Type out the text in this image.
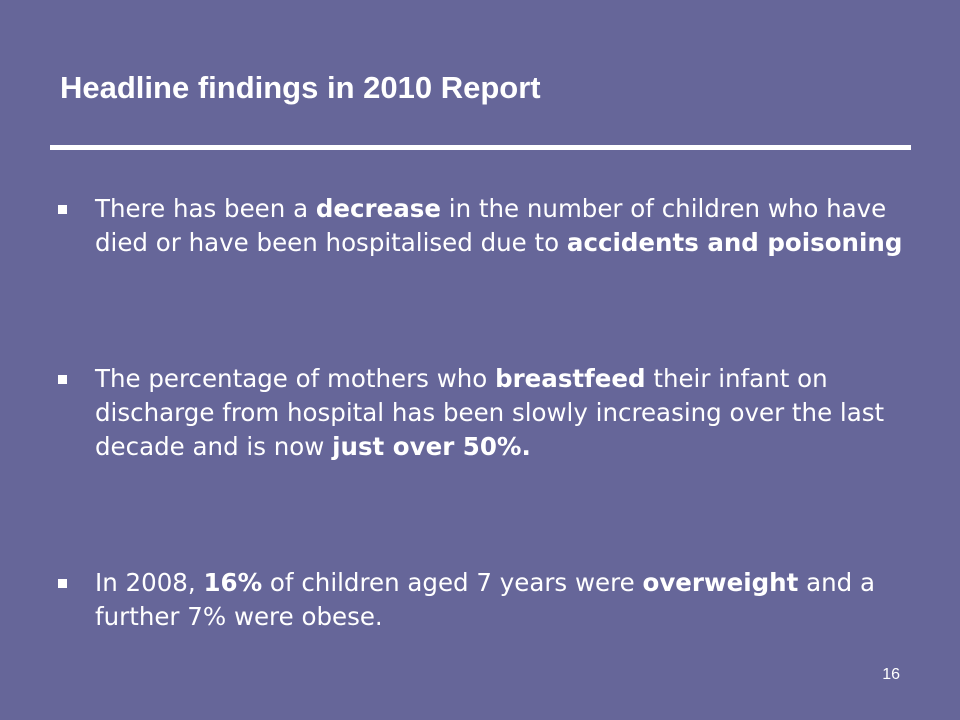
Headline findings in 2010 Report
There has been a decrease in the number of children who have died or have been hospitalised due to accidents and poisoning
The percentage of mothers who breastfeed their infant on discharge from hospital has been slowly increasing over the last decade and is now just over 50%.
In 2008, 16% of children aged 7 years were overweight and a further 7% were obese.
16
